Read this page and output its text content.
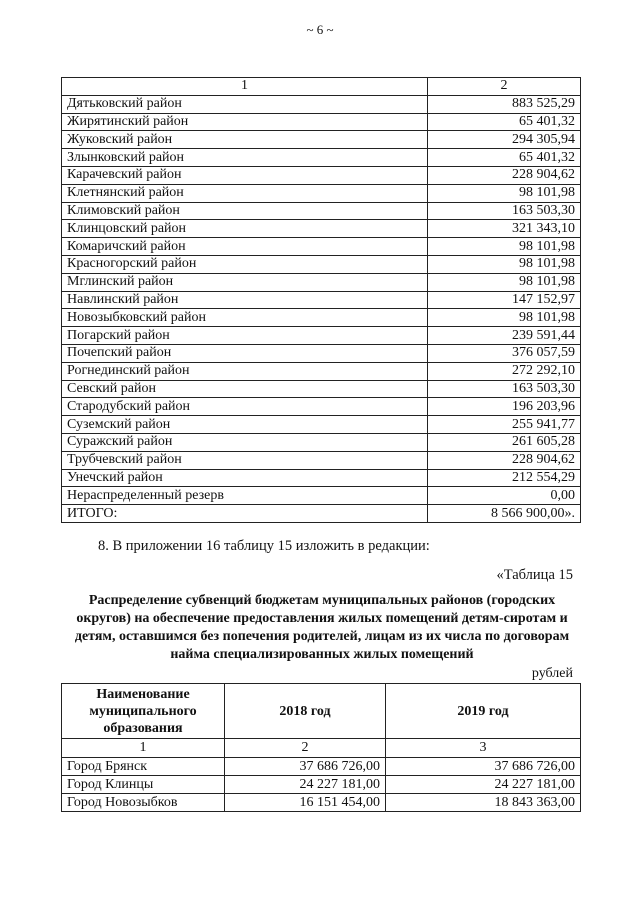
~ 6 ~
1	2
Дятьковский район	883 525,29
Жирятинский район	65 401,32
Жуковский район	294 305,94
Злынковский район	65 401,32
Карачевский район	228 904,62
Клетнянский район	98 101,98
Климовский район	163 503,30
Клинцовский район	321 343,10
Комаричский район	98 101,98
Красногорский район	98 101,98
Мглинский район	98 101,98
Навлинский район	147 152,97
Новозыбковский район	98 101,98
Погарский район	239 591,44
Почепский район	376 057,59
Рогнединский район	272 292,10
Севский район	163 503,30
Стародубский район	196 203,96
Суземский район	255 941,77
Суражский район	261 605,28
Трубчевский район	228 904,62
Унечский район	212 554,29
Нераспределенный резерв	0,00
ИТОГО:	8 566 900,00».
8. В приложении 16 таблицу 15 изложить в редакции:
«Таблица 15
Распределение субвенций бюджетам муниципальных районов (городских округов) на обеспечение предоставления жилых помещений детям-сиротам и детям, оставшимся без попечения родителей, лицам из их числа по договорам найма специализированных жилых помещений
рублей
Наименование муниципального образования	2018 год	2019 год
1	2	3
Город Брянск	37 686 726,00	37 686 726,00
Город Клинцы	24 227 181,00	24 227 181,00
Город Новозыбков	16 151 454,00	18 843 363,00
